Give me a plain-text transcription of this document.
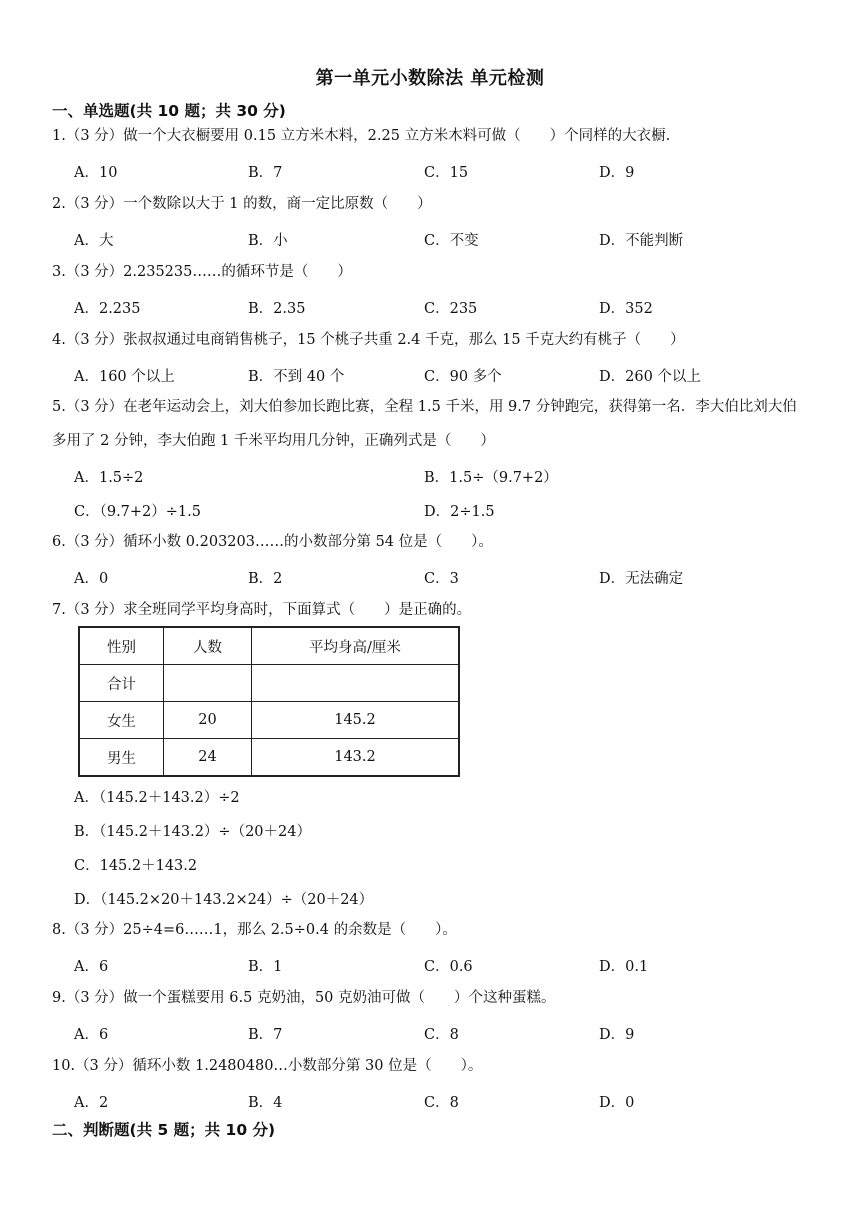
第一单元小数除法 单元检测
一、单选题(共 10 题；共 30 分)
1.（3 分）做一个大衣橱要用 0.15 立方米木料，2.25 立方米木料可做（　　）个同样的大衣橱.
A．10	B．7	C．15	D．9
2.（3 分）一个数除以大于 1 的数，商一定比原数（　　）
A．大	B．小	C．不变	D．不能判断
3.（3 分）2.235235……的循环节是（　　）
A．2.235	B．2.35	C．235	D．352
4.（3 分）张叔叔通过电商销售桃子，15 个桃子共重 2.4 千克，那么 15 千克大约有桃子（　　）
A．160 个以上	B．不到 40 个	C．90 多个	D．260 个以上
5.（3 分）在老年运动会上，刘大伯参加长跑比赛，全程 1.5 千米，用 9.7 分钟跑完，获得第一名．李大伯比刘大伯多用了 2 分钟，李大伯跑 1 千米平均用几分钟，正确列式是（　　）
A．1.5÷2	B．1.5÷（9.7+2）
C．（9.7+2）÷1.5	D．2÷1.5
6.（3 分）循环小数 0.203203……的小数部分第 54 位是（　　）。
A．0	B．2	C．3	D．无法确定
7.（3 分）求全班同学平均身高时，下面算式（　　）是正确的。
性别	人数	平均身高/厘米
合计		
女生	20	145.2
男生	24	143.2
A．（145.2＋143.2）÷2
B．（145.2＋143.2）÷（20＋24）
C．145.2＋143.2
D．（145.2×20＋143.2×24）÷（20＋24）
8.（3 分）25÷4=6……1，那么 2.5÷0.4 的余数是（　　）。
A．6	B．1	C．0.6	D．0.1
9.（3 分）做一个蛋糕要用 6.5 克奶油，50 克奶油可做（　　）个这种蛋糕。
A．6	B．7	C．8	D．9
10.（3 分）循环小数 1.2480480…小数部分第 30 位是（　　）。
A．2	B．4	C．8	D．0
二、判断题(共 5 题；共 10 分)
